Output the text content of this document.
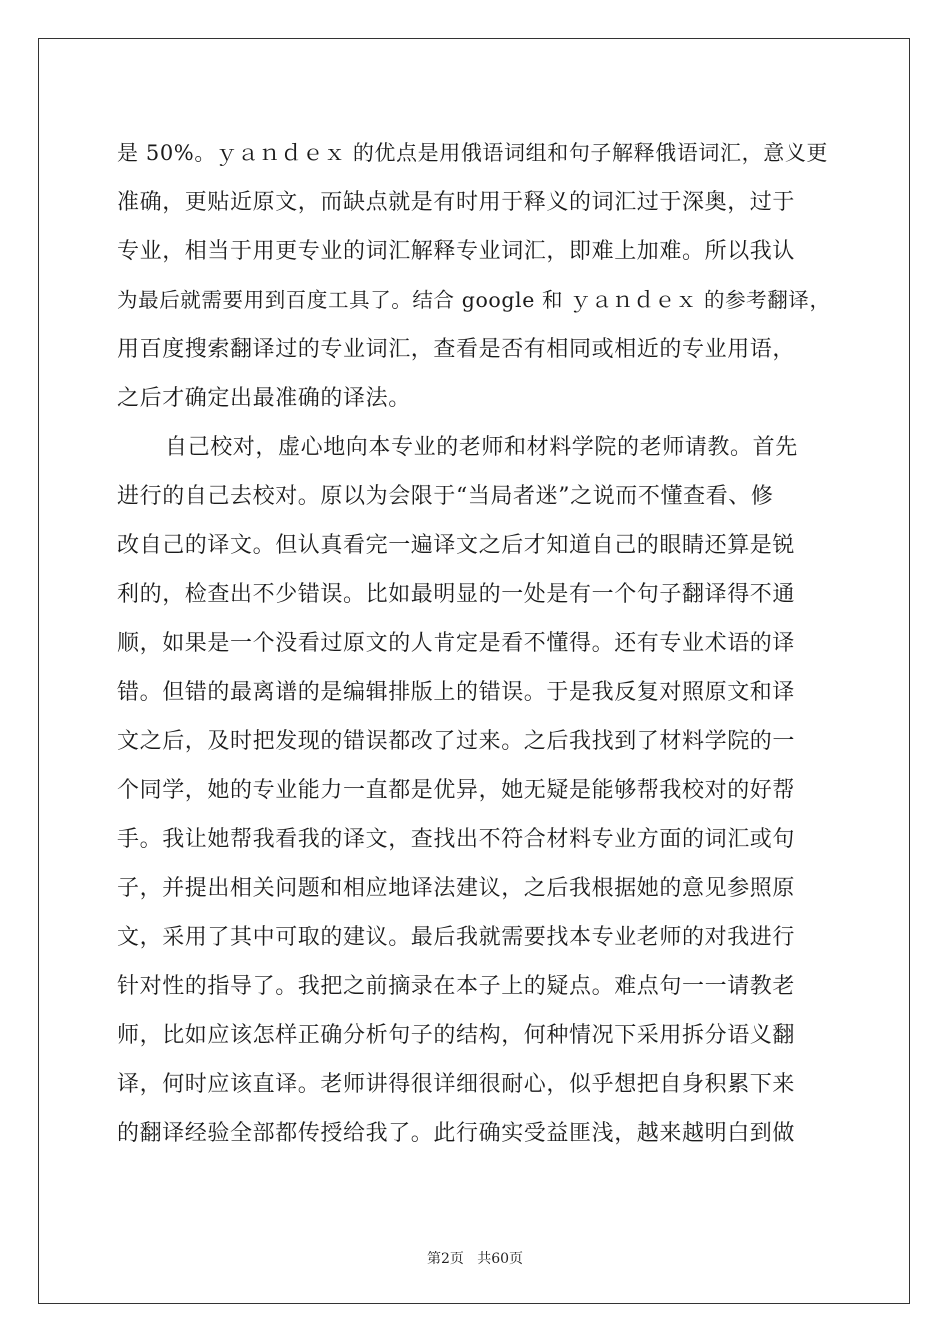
是 50%。ｙａｎｄｅｘ 的优点是用俄语词组和句子解释俄语词汇，意义更
准确，更贴近原文，而缺点就是有时用于释义的词汇过于深奥，过于
专业，相当于用更专业的词汇解释专业词汇，即难上加难。所以我认
为最后就需要用到百度工具了。结合 google 和 ｙａｎｄｅｘ 的参考翻译，
用百度搜索翻译过的专业词汇，查看是否有相同或相近的专业用语，
之后才确定出最准确的译法。
自己校对，虚心地向本专业的老师和材料学院的老师请教。首先
进行的自己去校对。原以为会限于“当局者迷”之说而不懂查看、修
改自己的译文。但认真看完一遍译文之后才知道自己的眼睛还算是锐
利的，检查出不少错误。比如最明显的一处是有一个句子翻译得不通
顺，如果是一个没看过原文的人肯定是看不懂得。还有专业术语的译
错。但错的最离谱的是编辑排版上的错误。于是我反复对照原文和译
文之后，及时把发现的错误都改了过来。之后我找到了材料学院的一
个同学，她的专业能力一直都是优异，她无疑是能够帮我校对的好帮
手。我让她帮我看我的译文，查找出不符合材料专业方面的词汇或句
子，并提出相关问题和相应地译法建议，之后我根据她的意见参照原
文，采用了其中可取的建议。最后我就需要找本专业老师的对我进行
针对性的指导了。我把之前摘录在本子上的疑点。难点句一一请教老
师，比如应该怎样正确分析句子的结构，何种情况下采用拆分语义翻
译，何时应该直译。老师讲得很详细很耐心，似乎想把自身积累下来
的翻译经验全部都传授给我了。此行确实受益匪浅，越来越明白到做
第2页   共60页
